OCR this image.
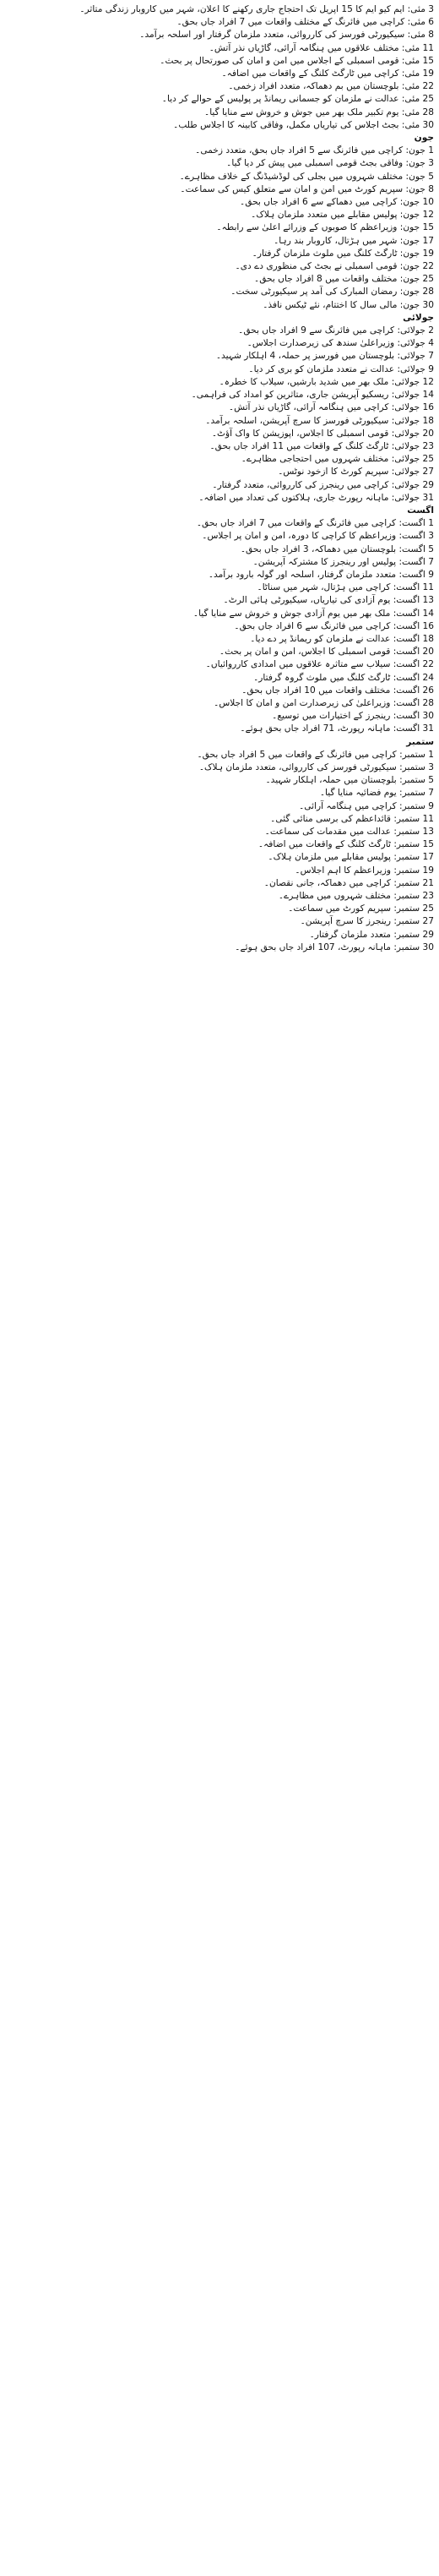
3 مئی: ایم کیو ایم کا 15 اپریل تک احتجاج جاری رکھنے کا اعلان، شہر میں کاروبار زندگی متاثر۔

6 مئی: کراچی میں فائرنگ کے مختلف واقعات میں 7 افراد جاں بحق۔

8 مئی: سیکیورٹی فورسز کی کارروائی، متعدد ملزمان گرفتار اور اسلحہ برآمد۔

11 مئی: مختلف علاقوں میں ہنگامہ آرائی، گاڑیاں نذر آتش۔

15 مئی: قومی اسمبلی کے اجلاس میں امن و امان کی صورتحال پر بحث۔

19 مئی: کراچی میں ٹارگٹ کلنگ کے واقعات میں اضافہ۔

22 مئی: بلوچستان میں بم دھماکہ، متعدد افراد زخمی۔

25 مئی: عدالت نے ملزمان کو جسمانی ریمانڈ پر پولیس کے حوالے کر دیا۔

28 مئی: یوم تکبیر ملک بھر میں جوش و خروش سے منایا گیا۔

30 مئی: بجٹ اجلاس کی تیاریاں مکمل، وفاقی کابینہ کا اجلاس طلب۔

جون

1 جون: کراچی میں فائرنگ سے 5 افراد جاں بحق، متعدد زخمی۔

3 جون: وفاقی بجٹ قومی اسمبلی میں پیش کر دیا گیا۔

5 جون: مختلف شہروں میں بجلی کی لوڈشیڈنگ کے خلاف مظاہرے۔

8 جون: سپریم کورٹ میں امن و امان سے متعلق کیس کی سماعت۔

10 جون: کراچی میں دھماکے سے 6 افراد جاں بحق۔

12 جون: پولیس مقابلے میں متعدد ملزمان ہلاک۔

15 جون: وزیراعظم کا صوبوں کے وزرائے اعلیٰ سے رابطہ۔

17 جون: شہر میں ہڑتال، کاروبار بند رہا۔

19 جون: ٹارگٹ کلنگ میں ملوث ملزمان گرفتار۔

22 جون: قومی اسمبلی نے بجٹ کی منظوری دے دی۔

25 جون: مختلف واقعات میں 8 افراد جاں بحق۔

28 جون: رمضان المبارک کی آمد پر سیکیورٹی سخت۔

30 جون: مالی سال کا اختتام، نئے ٹیکس نافذ۔

جولائی

2 جولائی: کراچی میں فائرنگ سے 9 افراد جاں بحق۔

4 جولائی: وزیراعلیٰ سندھ کی زیرصدارت اجلاس۔

7 جولائی: بلوچستان میں فورسز پر حملہ، 4 اہلکار شہید۔

9 جولائی: عدالت نے متعدد ملزمان کو بری کر دیا۔

12 جولائی: ملک بھر میں شدید بارشیں، سیلاب کا خطرہ۔

14 جولائی: ریسکیو آپریشن جاری، متاثرین کو امداد کی فراہمی۔

16 جولائی: کراچی میں ہنگامہ آرائی، گاڑیاں نذر آتش۔

18 جولائی: سیکیورٹی فورسز کا سرچ آپریشن، اسلحہ برآمد۔

20 جولائی: قومی اسمبلی کا اجلاس، اپوزیشن کا واک آؤٹ۔

23 جولائی: ٹارگٹ کلنگ کے واقعات میں 11 افراد جاں بحق۔

25 جولائی: مختلف شہروں میں احتجاجی مظاہرے۔

27 جولائی: سپریم کورٹ کا ازخود نوٹس۔

29 جولائی: کراچی میں رینجرز کی کارروائی، متعدد گرفتار۔

31 جولائی: ماہانہ رپورٹ جاری، ہلاکتوں کی تعداد میں اضافہ۔

اگست

1 اگست: کراچی میں فائرنگ کے واقعات میں 7 افراد جاں بحق۔

3 اگست: وزیراعظم کا کراچی کا دورہ، امن و امان پر اجلاس۔

5 اگست: بلوچستان میں دھماکہ، 3 افراد جاں بحق۔

7 اگست: پولیس اور رینجرز کا مشترکہ آپریشن۔

9 اگست: متعدد ملزمان گرفتار، اسلحہ اور گولہ بارود برآمد۔

11 اگست: کراچی میں ہڑتال، شہر میں سناٹا۔

13 اگست: یوم آزادی کی تیاریاں، سیکیورٹی ہائی الرٹ۔

14 اگست: ملک بھر میں یوم آزادی جوش و خروش سے منایا گیا۔

16 اگست: کراچی میں فائرنگ سے 6 افراد جاں بحق۔

18 اگست: عدالت نے ملزمان کو ریمانڈ پر دے دیا۔

20 اگست: قومی اسمبلی کا اجلاس، امن و امان پر بحث۔

22 اگست: سیلاب سے متاثرہ علاقوں میں امدادی کارروائیاں۔

24 اگست: ٹارگٹ کلنگ میں ملوث گروہ گرفتار۔

26 اگست: مختلف واقعات میں 10 افراد جاں بحق۔

28 اگست: وزیراعلیٰ کی زیرصدارت امن و امان کا اجلاس۔

30 اگست: رینجرز کے اختیارات میں توسیع۔

31 اگست: ماہانہ رپورٹ، 71 افراد جاں بحق ہوئے۔

ستمبر

1 ستمبر: کراچی میں فائرنگ کے واقعات میں 5 افراد جاں بحق۔

3 ستمبر: سیکیورٹی فورسز کی کارروائی، متعدد ملزمان ہلاک۔

5 ستمبر: بلوچستان میں حملہ، اہلکار شہید۔

7 ستمبر: یوم فضائیہ منایا گیا۔

9 ستمبر: کراچی میں ہنگامہ آرائی۔

11 ستمبر: قائداعظم کی برسی منائی گئی۔

13 ستمبر: عدالت میں مقدمات کی سماعت۔

15 ستمبر: ٹارگٹ کلنگ کے واقعات میں اضافہ۔

17 ستمبر: پولیس مقابلے میں ملزمان ہلاک۔

19 ستمبر: وزیراعظم کا اہم اجلاس۔

21 ستمبر: کراچی میں دھماکہ، جانی نقصان۔

23 ستمبر: مختلف شہروں میں مظاہرے۔

25 ستمبر: سپریم کورٹ میں سماعت۔

27 ستمبر: رینجرز کا سرچ آپریشن۔

29 ستمبر: متعدد ملزمان گرفتار۔

30 ستمبر: ماہانہ رپورٹ، 107 افراد جاں بحق ہوئے۔
